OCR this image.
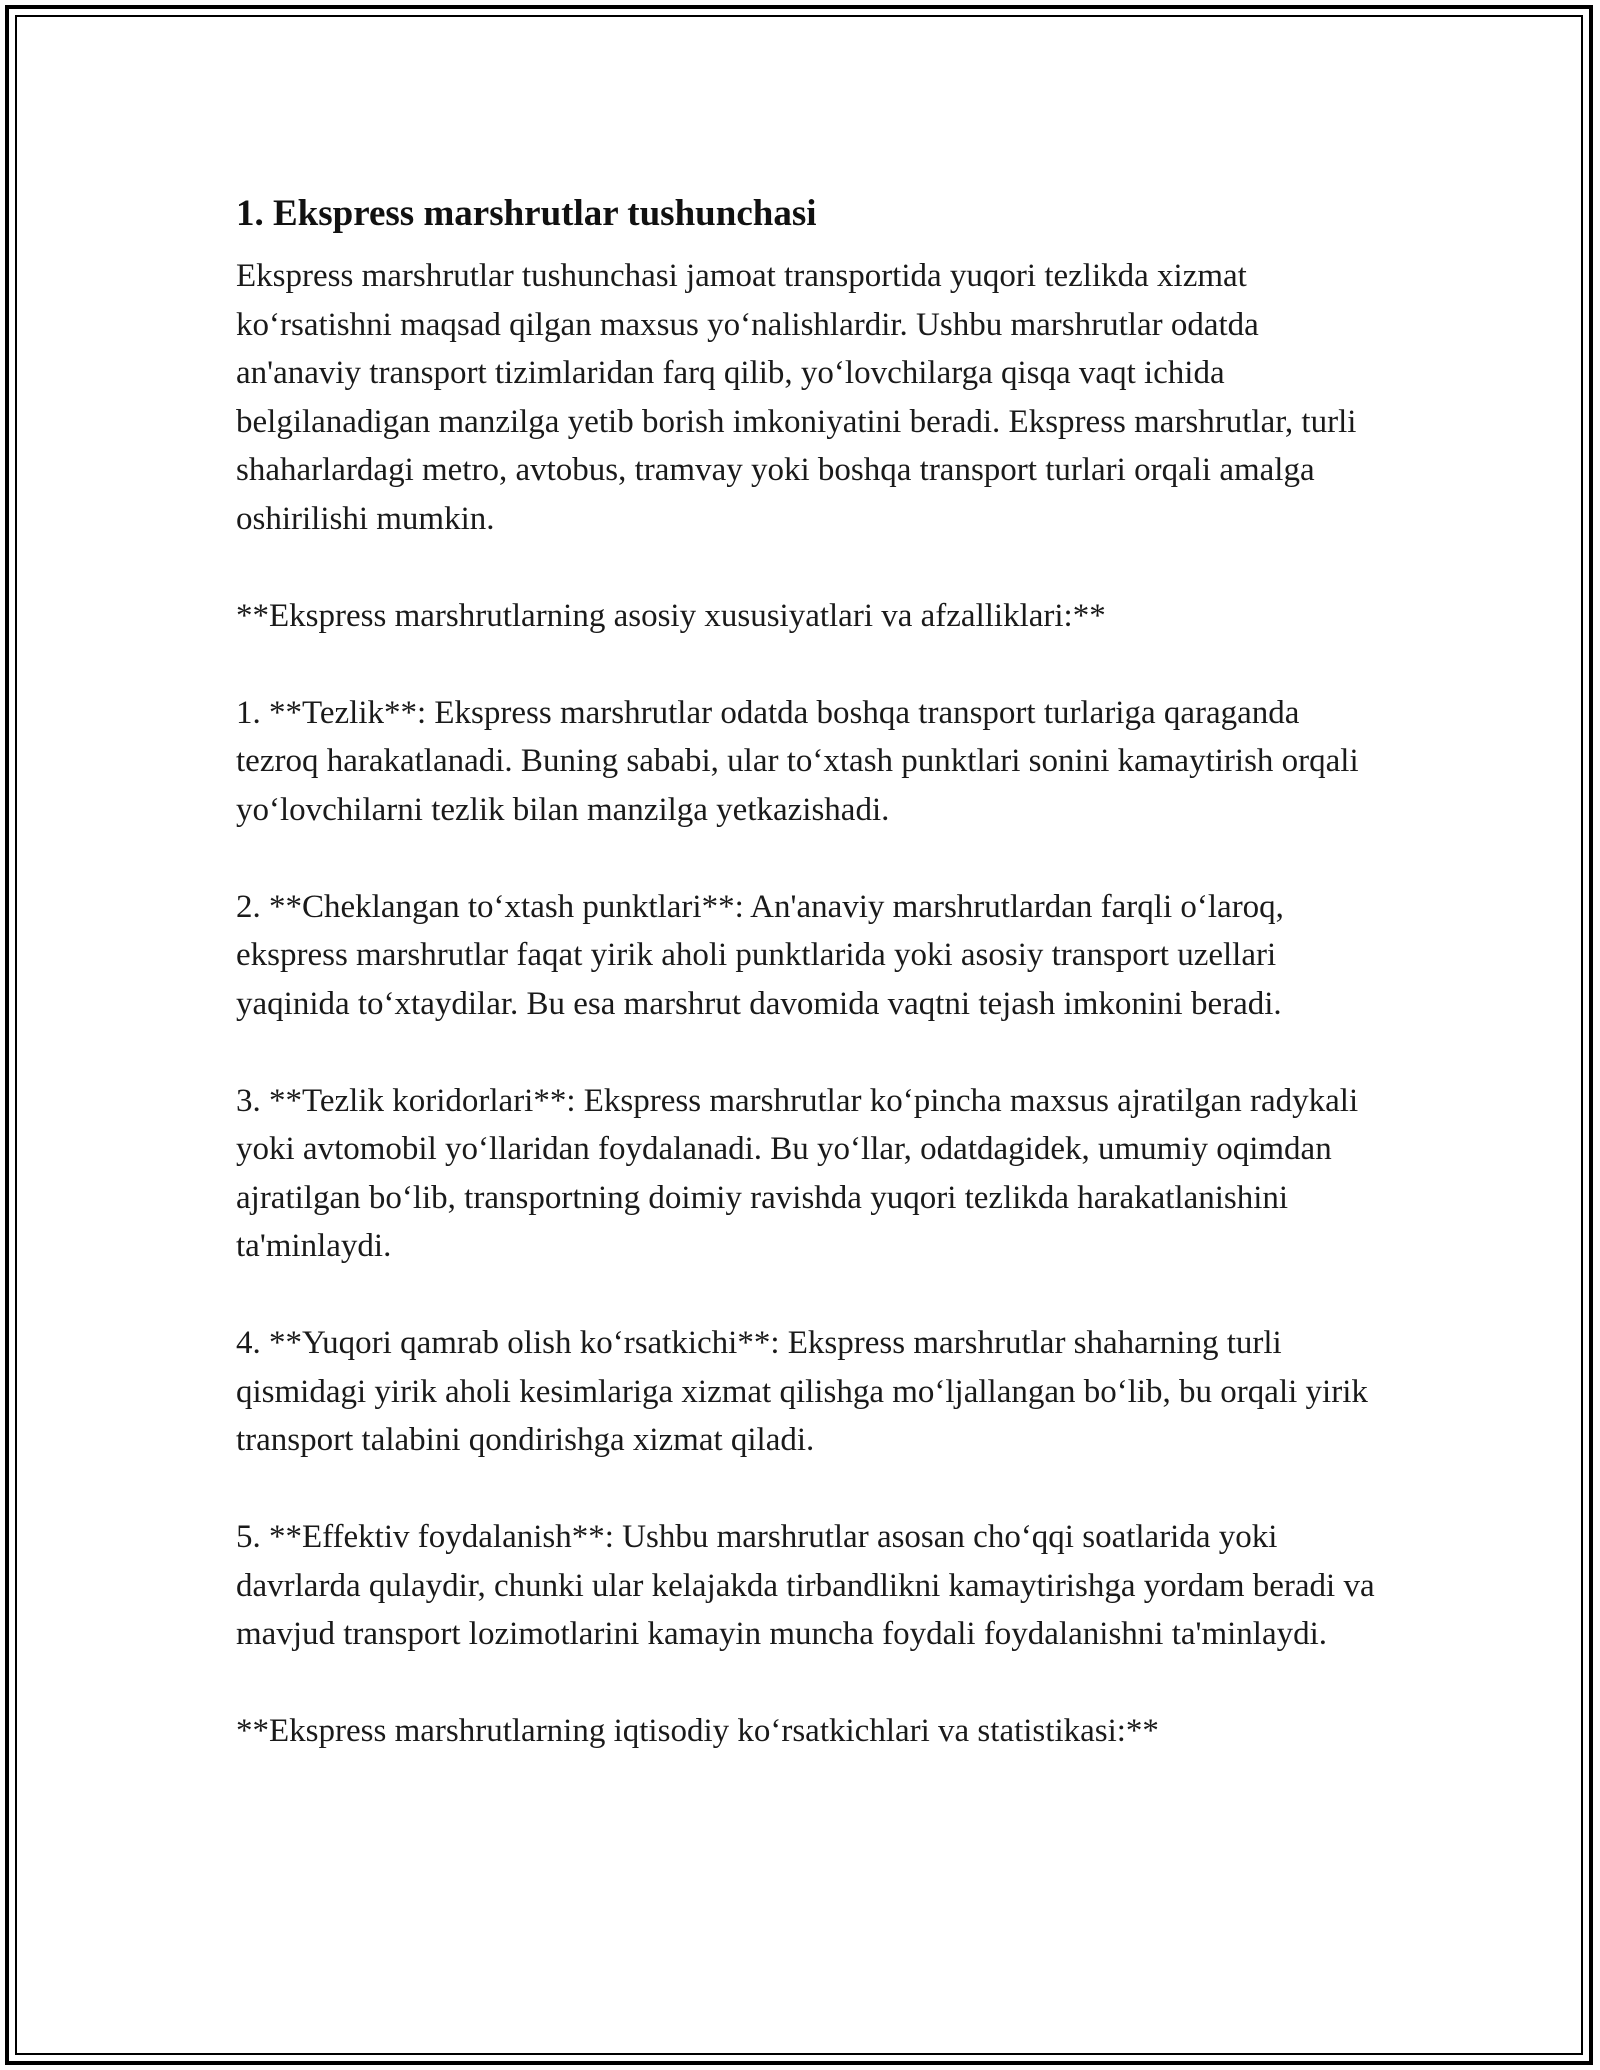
1. Ekspress marshrutlar tushunchasi

Ekspress marshrutlar tushunchasi jamoat transportida yuqori tezlikda xizmat ko‘rsatishni maqsad qilgan maxsus yo‘nalishlardir. Ushbu marshrutlar odatda an'anaviy transport tizimlaridan farq qilib, yo‘lovchilarga qisqa vaqt ichida belgilanadigan manzilga yetib borish imkoniyatini beradi. Ekspress marshrutlar, turli shaharlardagi metro, avtobus, tramvay yoki boshqa transport turlari orqali amalga oshirilishi mumkin.

**Ekspress marshrutlarning asosiy xususiyatlari va afzalliklari:**

1. **Tezlik**: Ekspress marshrutlar odatda boshqa transport turlariga qaraganda tezroq harakatlanadi. Buning sababi, ular to‘xtash punktlari sonini kamaytirish orqali yo‘lovchilarni tezlik bilan manzilga yetkazishadi.

2. **Cheklangan to‘xtash punktlari**: An'anaviy marshrutlardan farqli o‘laroq, ekspress marshrutlar faqat yirik aholi punktlarida yoki asosiy transport uzellari yaqinida to‘xtaydilar. Bu esa marshrut davomida vaqtni tejash imkonini beradi.

3. **Tezlik koridorlari**: Ekspress marshrutlar ko‘pincha maxsus ajratilgan radykali yoki avtomobil yo‘llaridan foydalanadi. Bu yo‘llar, odatdagidek, umumiy oqimdan ajratilgan bo‘lib, transportning doimiy ravishda yuqori tezlikda harakatlanishini ta'minlaydi.

4. **Yuqori qamrab olish ko‘rsatkichi**: Ekspress marshrutlar shaharning turli qismidagi yirik aholi kesimlariga xizmat qilishga mo‘ljallangan bo‘lib, bu orqali yirik transport talabini qondirishga xizmat qiladi.

5. **Effektiv foydalanish**: Ushbu marshrutlar asosan cho‘qqi soatlarida yoki davrlarda qulaydir, chunki ular kelajakda tirbandlikni kamaytirishga yordam beradi va mavjud transport lozimotlarini kamayin muncha foydali foydalanishni ta'minlaydi.

**Ekspress marshrutlarning iqtisodiy ko‘rsatkichlari va statistikasi:**
